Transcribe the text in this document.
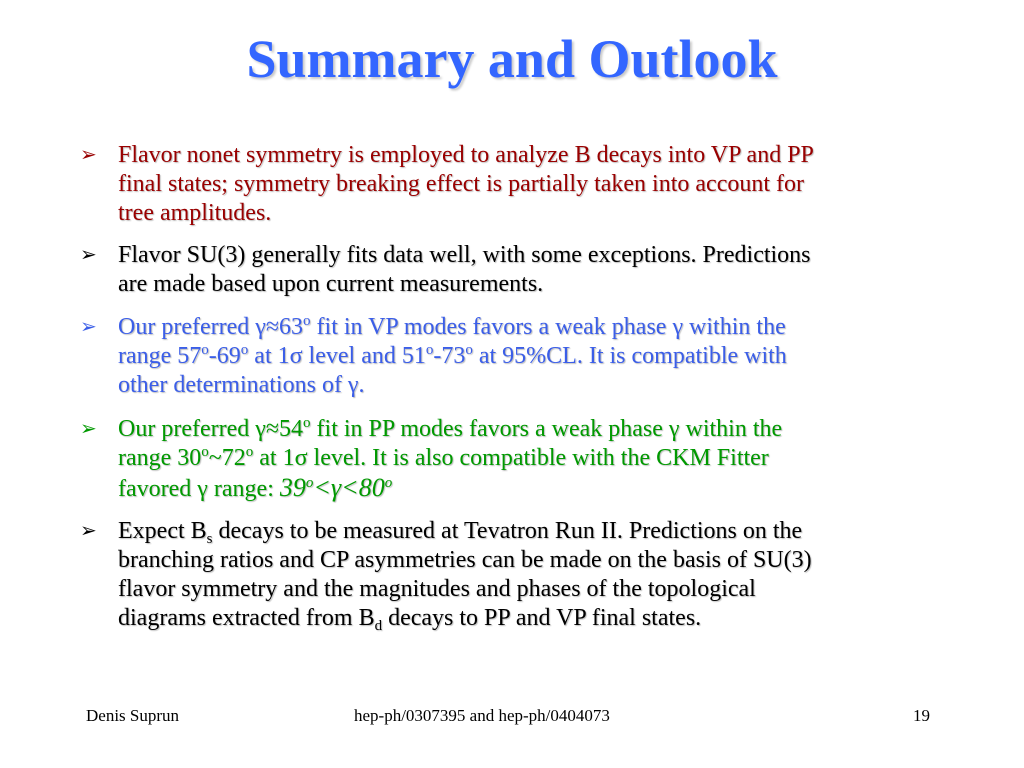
Summary and Outlook
➢ Flavor nonet symmetry is employed to analyze B decays into VP and PP
final states; symmetry breaking effect is partially taken into account for
tree amplitudes.
➢ Flavor SU(3) generally fits data well, with some exceptions. Predictions
are made based upon current measurements.
➢ Our preferred $\gamma\approx 63^o$ fit in VP modes favors a weak phase γ within the
range 57$^o$-69$^o$ at 1σ level and 51$^o$-73$^o$ at 95%CL. It is compatible with
other determinations of γ.
➢ Our preferred $\gamma\approx 54^o$ fit in PP modes favors a weak phase γ within the
range 30$^o$~72$^o$ at 1σ level. It is also compatible with the CKM Fitter
favored γ range: $39^o<\gamma<80^o$
➢ Expect $B_s$ decays to be measured at Tevatron Run II. Predictions on the
branching ratios and CP asymmetries can be made on the basis of SU(3)
flavor symmetry and the magnitudes and phases of the topological
diagrams extracted from $B_d$ decays to PP and VP final states.
Denis Suprun	hep-ph/0307395 and hep-ph/0404073	19
